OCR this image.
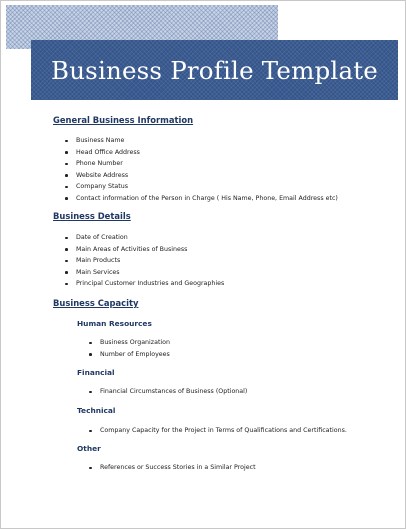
Business Profile Template

General Business Information

Business Name
Head Office Address
Phone Number
Website Address
Company Status
Contact information of the Person in Charge ( His Name, Phone, Email Address etc)

Business Details

Date of Creation
Main Areas of Activities of Business
Main Products
Main Services
Principal Customer Industries and Geographies

Business Capacity

Human Resources

Business Organization
Number of Employees

Financial

Financial Circumstances of Business (Optional)

Technical

Company Capacity for the Project in Terms of Qualifications and Certifications.

Other

References or Success Stories in a Similar Project
